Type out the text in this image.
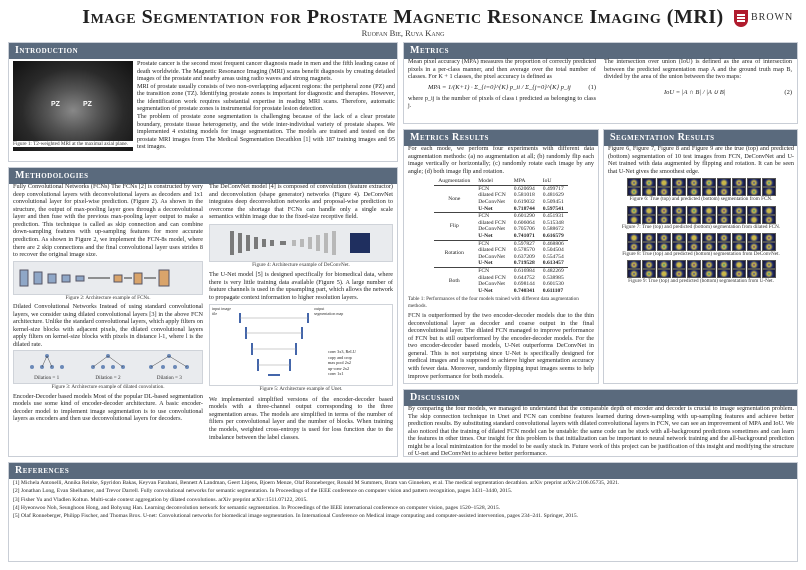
Image Segmentation for Prostate Magnetic Resonance Imaging (MRI)
Ruofan Bie, Ruya Kang
BROWN
Introduction
PZ	PZ
Figure 1: T2-weighted MRI at the maximal axial plane.

Prostate cancer is the second most frequent cancer diagnosis made in men and the fifth leading cause of death worldwide. The Magnetic Resonance Imaging (MRI) scans benefit diagnosis by creating detailed images of the prostate and nearby areas using radio waves and strong magnets.

MRI of prostate usually consists of two non-overlapping adjacent regions: the peripheral zone (PZ) and the transition zone (TZ). Identifying prostate zones is important for diagnostic and therapies. However, the identification work requires substantial expertise in reading MRI scans. Therefore, automatic segmentation of prostate zones is instrumental for prostate lesion detection.

The problem of prostate zone segmentation is challenging because of the lack of a clear prostate boundary, prostate tissue heterogeneity, and the wide inter-individual variety of prostate shapes. We implemented 4 existing models for image segmentation. The models are trained and tested on the prostate MRI images from The Medical Segmentation Decathlon [1] with 187 training images and 95 test images.

Methodologies

Fully Convolutional Networks (FCNs) The FCNs [2] is constructed by very deep convolutional layers with deconvolutional layers as decoders and 1x1 convolutional layer for pixel-wise prediction. (Figure 2). As shown in the structure, the output of max-pooling layer goes through a deconvolutional layer and then fuse with the previous max-pooling layer output to make a prediction. This technique is called as skip connection and can combine down-sampling features with up-sampling features for more accurate prediction. As shown in Figure 2, we implement the FCN-8s model, where there are 2 skip connections and the final convolutional layer uses strides 8 to recover the original image size.

Figure 2: Architecture example of FCNs.

Dilated Convolutional Networks Instead of using standard convolutional layers, we consider using dilated convolutional layers [3] in the above FCN architecture. Unlike the standard convolutional layers, which apply filters on kernel-size blocks with adjacent pixels, the dilated convolutional layers apply filters on kernel-size blocks with pixels in distance l-1, where l is the dilated rate.

Dilation = 1	Dilation = 2	Dilation = 3
Figure 3: Architecture example of dilated convolution.

Encoder-Decoder based models Most of the popular DL-based segmentation models use some kind of encoder-decoder architecture. A basic encoder-decoder model to implement image segmentation is to use convolutional layers as encoders and then use deconvolutional layers for decoders.

The DeConvNet model [4] is composed of convolution (feature extractor) and deconvolution (shape generator) networks (Figure 4). DeConvNet integrates deep deconvolution networks and proposal-wise prediction to overcome the shortage that FCNs can handle only a single scale semantics within image due to the fixed-size receptive field.

Figure 4: Architecture example of DeConvNet.

The U-Net model [5] is designed specifically for biomedical data, where there is very little training data available (Figure 5). A large number of feature channels is used in the upsampling part, which allows the network to propagate context information to higher resolution layers.

input image tile
output segmentation map
conv 3x3, ReLU
copy and crop
max pool 2x2
up-conv 2x2
conv 1x1
Figure 5: Architecture example of Unet.

We implemented simplified versions of the encoder-decoder based models with a three-channel output corresponding to the three segmentation areas. The models are simplified in terms of the number of filters per convolutional layer and the number of blocks. When training the models, weighted cross-entropy is used for loss function due to the imbalance between the label classes.

Metrics

Mean pixel accuracy (MPA) measures the proportion of correctly predicted pixels in a per-class manner, and then average over the total number of classes. For K + 1 classes, the pixel accuracy is defined as

MPA = 1/(K+1) · Σ_{i=0}^{K} p_ii / Σ_{j=0}^{K} p_ij	(1)

where p_ij is the number of pixels of class i predicted as belonging to class j.

The intersection over union (IoU) is defined as the area of intersection between the predicted segmentation map A and the ground truth map B, divided by the area of the union between the two maps:

IoU = |A ∩ B| / |A ∪ B|	(2)
Metrics Results

For each mode, we perform four experiments with different data augmentation methods: (a) no augmentation at all; (b) randomly flip each image vertically or horizontally; (c) randomly rotate each image by any angle; (d) both image flip and rotation.

Augmentation	Model	MPA	IoU
None	FCN	0.620694	0.499717
	dilated FCN	0.581018	0.481629
	DeConvNet	0.619032	0.509451
	U-Net	0.718744	0.597541
Flip	FCN	0.601290	0.451931
	dilated FCN	0.606064	0.515348
	DeConvNet	0.705706	0.588672
	U-Net	0.741071	0.616579
Rotation	FCN	0.597827	0.468806
	dilated FCN	0.578570	0.504504
	DeConvNet	0.637209	0.554754
	U-Net	0.719528	0.613457
Both	FCN	0.616984	0.482269
	dilated FCN	0.644752	0.538985
	DeConvNet	0.698144	0.601530
	U-Net	0.740341	0.611107
Table 1: Performances of the four models trained with different data augmentation methods.

FCN is outperformed by the two encoder-decoder models due to the thin deconvolutional layer as decoder and coarse output in the final deconvolutional layer. The dilated FCN managed to improve performance of FCN but is still outperformed by the encoder-decoder models. For the two encoder-decoder based models, U-Net outperforms DeConvNet in general. This is not surprising since U-Net is specifically designed for medical images and is supposed to achieve higher segmentation accuracy with fewer data. Moreover, randomly flipping input images seems to help improve performance for both models.

Segmentation Results

Figure 6, Figure 7, Figure 8 and Figure 9 are the true (top) and predicted (bottom) segmentation of 10 test images from FCN, DeConvNet and U-Net trained with data augmented by flipping and rotation. It can be seen that U-Net gives the smoothest edge.

Figure 6: True (top) and predicted (bottom) segmentation from FCN.
Figure 7: True (top) and predicted (bottom) segmentation from dilated FCN.
Figure 8: True (top) and predicted (bottom) segmentation from DeConvNet.
Figure 9: True (top) and predicted (bottom) segmentation from U-Net.
Discussion

By comparing the four models, we managed to understand that the comparable depth of encoder and decoder is crucial to image segmentation problem. The skip connection technique in Unet and FCN can combine features learned during down-sampling with up-sampling features and achieve better prediction results. By substituting standard convolutional layers with dilated convolutional layers in FCN, we can see an improvement of MPA and IoU. We also noticed that the training of dilated FCN model can be unstable: the same code can be stuck with all-background predictions sometimes and can learn the features in other times. Our insight for this problem is that initialization can be important to neural network training and the all-background prediction might be a local minimization for the model to be easily stuck in. Future work of this project can be justification of this insight and modifying the structure of U-net and DeConvNet to achieve better performance.

References
[1] Michela Antonelli, Annika Reinke, Spyridon Bakas, Keyvan Farahani, Bennett A Landman, Geert Litjens, Bjoern Menze, Olaf Ronneberger, Ronald M Summers, Bram van Ginneken, et al. The medical segmentation decathlon. arXiv preprint arXiv:2106.05735, 2021.
[2] Jonathan Long, Evan Shelhamer, and Trevor Darrell. Fully convolutional networks for semantic segmentation. In Proceedings of the IEEE conference on computer vision and pattern recognition, pages 3431–3440, 2015.
[3] Fisher Yu and Vladlen Koltun. Multi-scale context aggregation by dilated convolutions. arXiv preprint arXiv:1511.07122, 2015.
[4] Hyeonwoo Noh, Seunghoon Hong, and Bohyung Han. Learning deconvolution network for semantic segmentation. In Proceedings of the IEEE international conference on computer vision, pages 1520–1528, 2015.
[5] Olaf Ronneberger, Philipp Fischer, and Thomas Brox. U-net: Convolutional networks for biomedical image segmentation. In International Conference on Medical image computing and computer-assisted intervention, pages 234–241. Springer, 2015.
